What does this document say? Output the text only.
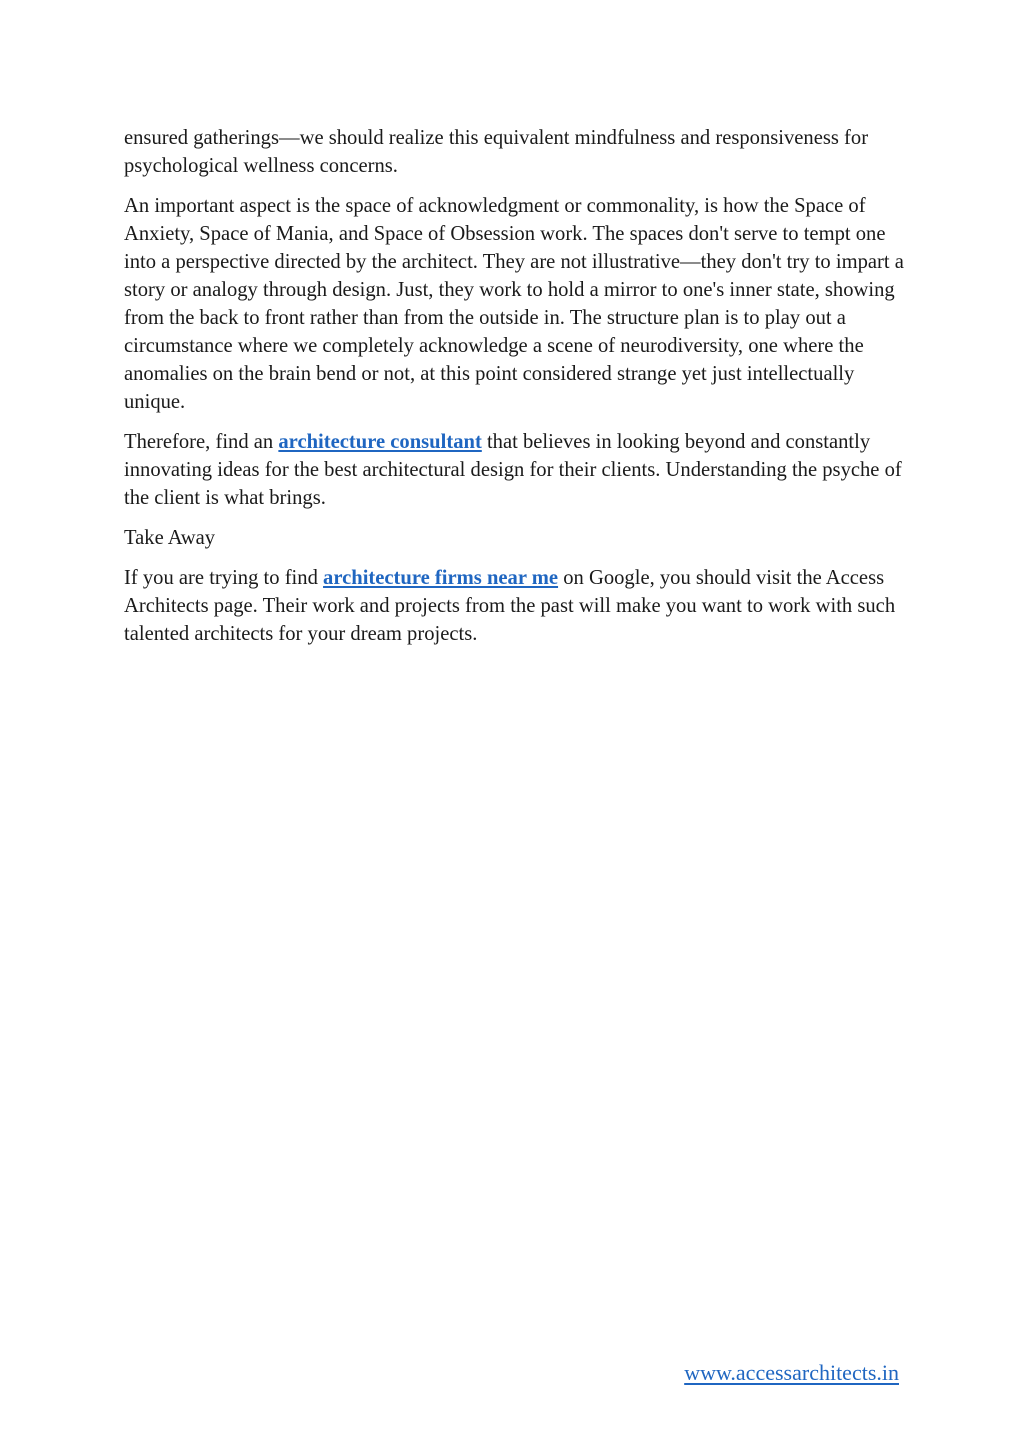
ensured gatherings—we should realize this equivalent mindfulness and responsiveness for psychological wellness concerns.

An important aspect is the space of acknowledgment or commonality, is how the Space of Anxiety, Space of Mania, and Space of Obsession work. The spaces don't serve to tempt one into a perspective directed by the architect. They are not illustrative—they don't try to impart a story or analogy through design. Just, they work to hold a mirror to one's inner state, showing from the back to front rather than from the outside in. The structure plan is to play out a circumstance where we completely acknowledge a scene of neurodiversity, one where the anomalies on the brain bend or not, at this point considered strange yet just intellectually unique.

Therefore, find an architecture consultant that believes in looking beyond and constantly innovating ideas for the best architectural design for their clients. Understanding the psyche of the client is what brings.

Take Away

If you are trying to find architecture firms near me on Google, you should visit the Access Architects page. Their work and projects from the past will make you want to work with such talented architects for your dream projects.

www.accessarchitects.in
